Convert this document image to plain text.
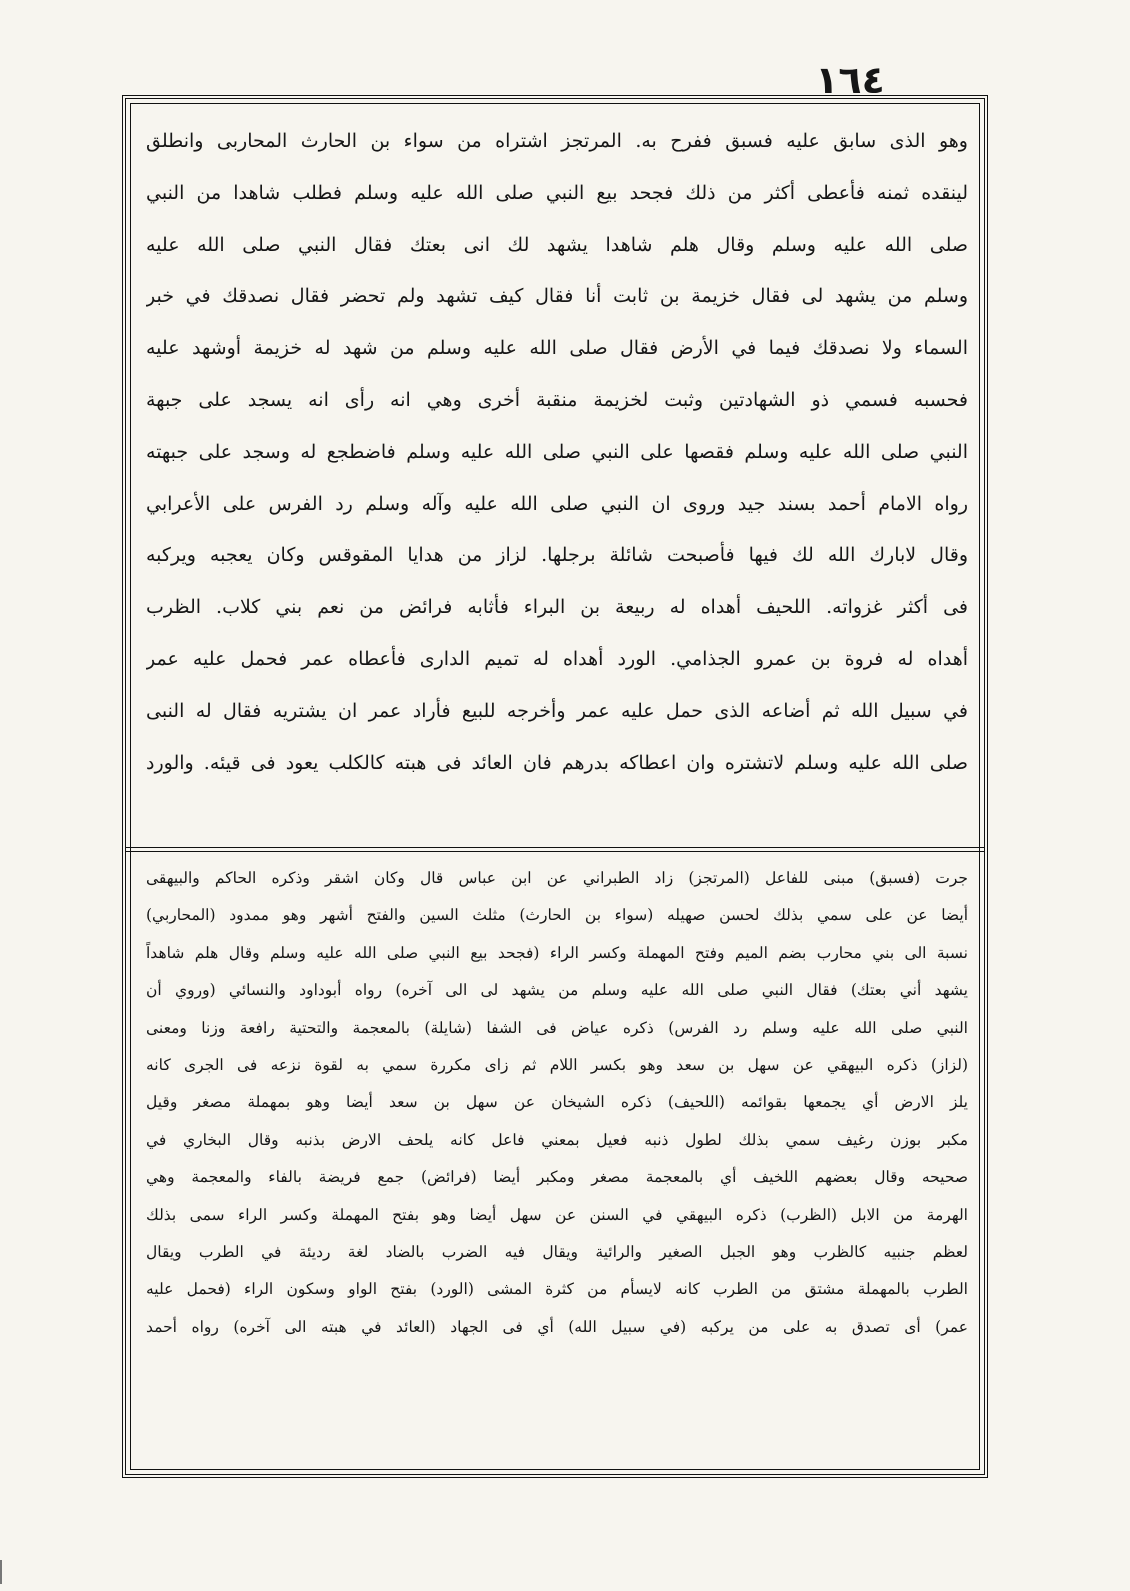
١٦٤
وهو الذى سابق عليه فسبق ففرح به. المرتجز اشتراه من سواء بن الحارث المحاربى وانطلق
لينقده ثمنه فأعطى أكثر من ذلك فجحد بيع النبي صلى الله عليه وسلم فطلب شاهدا من النبي
صلى الله عليه وسلم وقال هلم شاهدا يشهد لك انى بعتك فقال النبي صلى الله عليه
وسلم من يشهد لى فقال خزيمة بن ثابت أنا فقال كيف تشهد ولم تحضر فقال نصدقك في خبر
السماء ولا نصدقك فيما في الأرض فقال صلى الله عليه وسلم من شهد له خزيمة أوشهد عليه
فحسبه فسمي ذو الشهادتين وثبت لخزيمة منقبة أخرى وهي انه رأى انه يسجد على جبهة
النبي صلى الله عليه وسلم فقصها على النبي صلى الله عليه وسلم فاضطجع له وسجد على جبهته
رواه الامام أحمد بسند جيد وروى ان النبي صلى الله عليه وآله وسلم رد الفرس على الأعرابي
وقال لابارك الله لك فيها فأصبحت شائلة برجلها. لزاز من هدايا المقوقس وكان يعجبه ويركبه
فى أكثر غزواته. اللحيف أهداه له ربيعة بن البراء فأثابه فرائض من نعم بني كلاب. الظرب
أهداه له فروة بن عمرو الجذامي. الورد أهداه له تميم الدارى فأعطاه عمر فحمل عليه عمر
في سبيل الله ثم أضاعه الذى حمل عليه عمر وأخرجه للبيع فأراد عمر ان يشتريه فقال له النبى
صلى الله عليه وسلم لاتشتره وان اعطاكه بدرهم فان العائد فى هبته كالكلب يعود فى قيئه. والورد
جرت (فسبق) مبنى للفاعل (المرتجز) زاد الطبراني عن ابن عباس قال وكان اشقر وذكره الحاكم والبيهقى
أيضا عن على سمي بذلك لحسن صهيله (سواء بن الحارث) مثلث السين والفتح أشهر وهو ممدود (المحاربي)
نسبة الى بني محارب بضم الميم وفتح المهملة وكسر الراء (فجحد بيع النبي صلى الله عليه وسلم وقال هلم شاهداً
يشهد أني بعتك) فقال النبي صلى الله عليه وسلم من يشهد لى الى آخره) رواه أبوداود والنسائي (وروي أن
النبي صلى الله عليه وسلم رد الفرس) ذكره عياض فى الشفا (شايلة) بالمعجمة والتحتية رافعة وزنا ومعنى
(لزاز) ذكره البيهقي عن سهل بن سعد وهو بكسر اللام ثم زاى مكررة سمي به لقوة نزعه فى الجرى كانه
يلز الارض أي يجمعها بقوائمه (اللحيف) ذكره الشيخان عن سهل بن سعد أيضا وهو بمهملة مصغر وقيل
مكبر بوزن رغيف سمي بذلك لطول ذنبه فعيل بمعني فاعل كانه يلحف الارض بذنبه وقال البخاري في
صحيحه وقال بعضهم اللخيف أي بالمعجمة مصغر ومكبر أيضا (فرائض) جمع فريضة بالفاء والمعجمة وهي
الهرمة من الابل (الظرب) ذكره البيهقي في السنن عن سهل أيضا وهو بفتح المهملة وكسر الراء سمى بذلك
لعظم جنبيه كالظرب وهو الجبل الصغير والرائية ويقال فيه الضرب بالضاد لغة رديئة في الطرب ويقال
الطرب بالمهملة مشتق من الطرب كانه لايسأم من كثرة المشى (الورد) بفتح الواو وسكون الراء (فحمل عليه
عمر) أى تصدق به على من يركبه (في سبيل الله) أي فى الجهاد (العائد في هبته الى آخره) رواه أحمد
